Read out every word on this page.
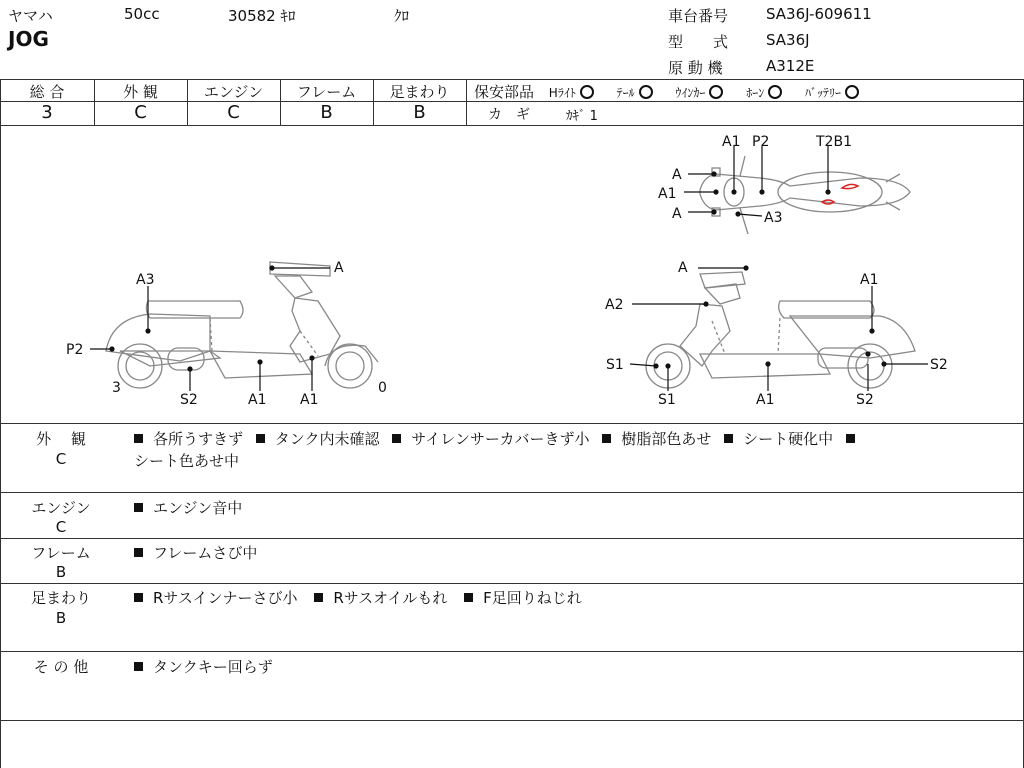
ヤマハ	50cc	30582 ｷﾛ	ｸﾛ
JOG
車台番号	SA36J-609611
型　　式	SA36J
原 動 機	A312E
総 合	外 観	エンジン	フレーム	足まわり
3	C	C	B	B
保安部品 Hﾗｲﾄ	ﾃｰﾙ	ｳｲﾝｶｰ	ﾎｰﾝ	ﾊﾞｯﾃﾘｰ
カ　ギ	ｶｷﾞ 1
A1 P2	T2B1
A
A1
A	A3
A
A3
P2
3
S2	A1 A1
0
A
A1
A2
S1
S1	A1	S2
S2
外　 観
C
各所うすきず タンク内未確認 サイレンサーカバーきず小 樹脂部色あせ シート硬化中
シート色あせ中
エンジン
C
エンジン音中
フレーム
B
フレームさび中
足まわり
B
Rサスインナーさび小 Rサスオイルもれ F足回りねじれ
そ の 他	タンクキー回らず
